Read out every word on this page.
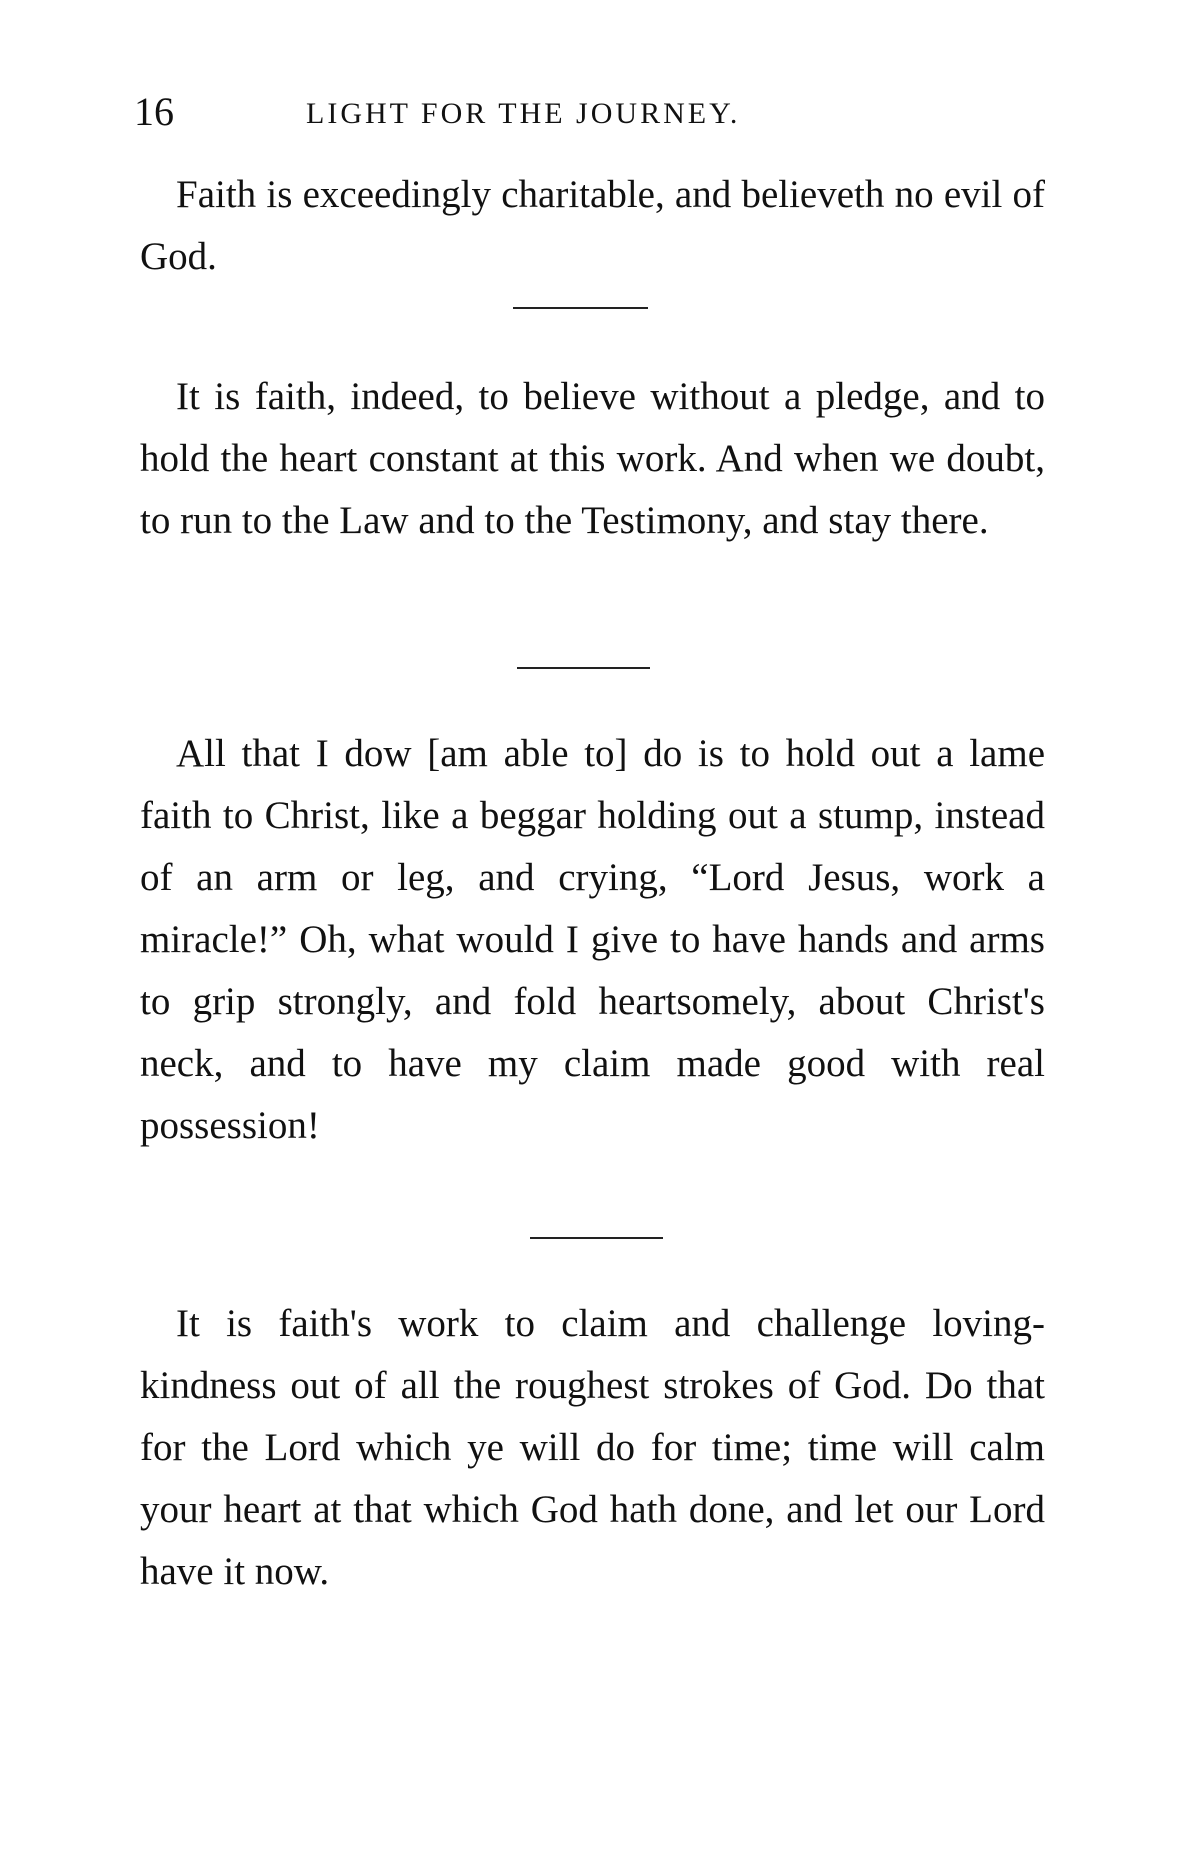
16	LIGHT FOR THE JOURNEY.

Faith is exceedingly charitable, and believeth no evil of God.

It is faith, indeed, to believe without a pledge, and to hold the heart constant at this work. And when we doubt, to run to the Law and to the Testimony, and stay there.

All that I dow [am able to] do is to hold out a lame faith to Christ, like a beggar holding out a stump, instead of an arm or leg, and crying, “Lord Jesus, work a miracle!” Oh, what would I give to have hands and arms to grip strongly, and fold heartsomely, about Christ's neck, and to have my claim made good with real possession!

It is faith's work to claim and challenge loving-kindness out of all the roughest strokes of God. Do that for the Lord which ye will do for time; time will calm your heart at that which God hath done, and let our Lord have it now.
